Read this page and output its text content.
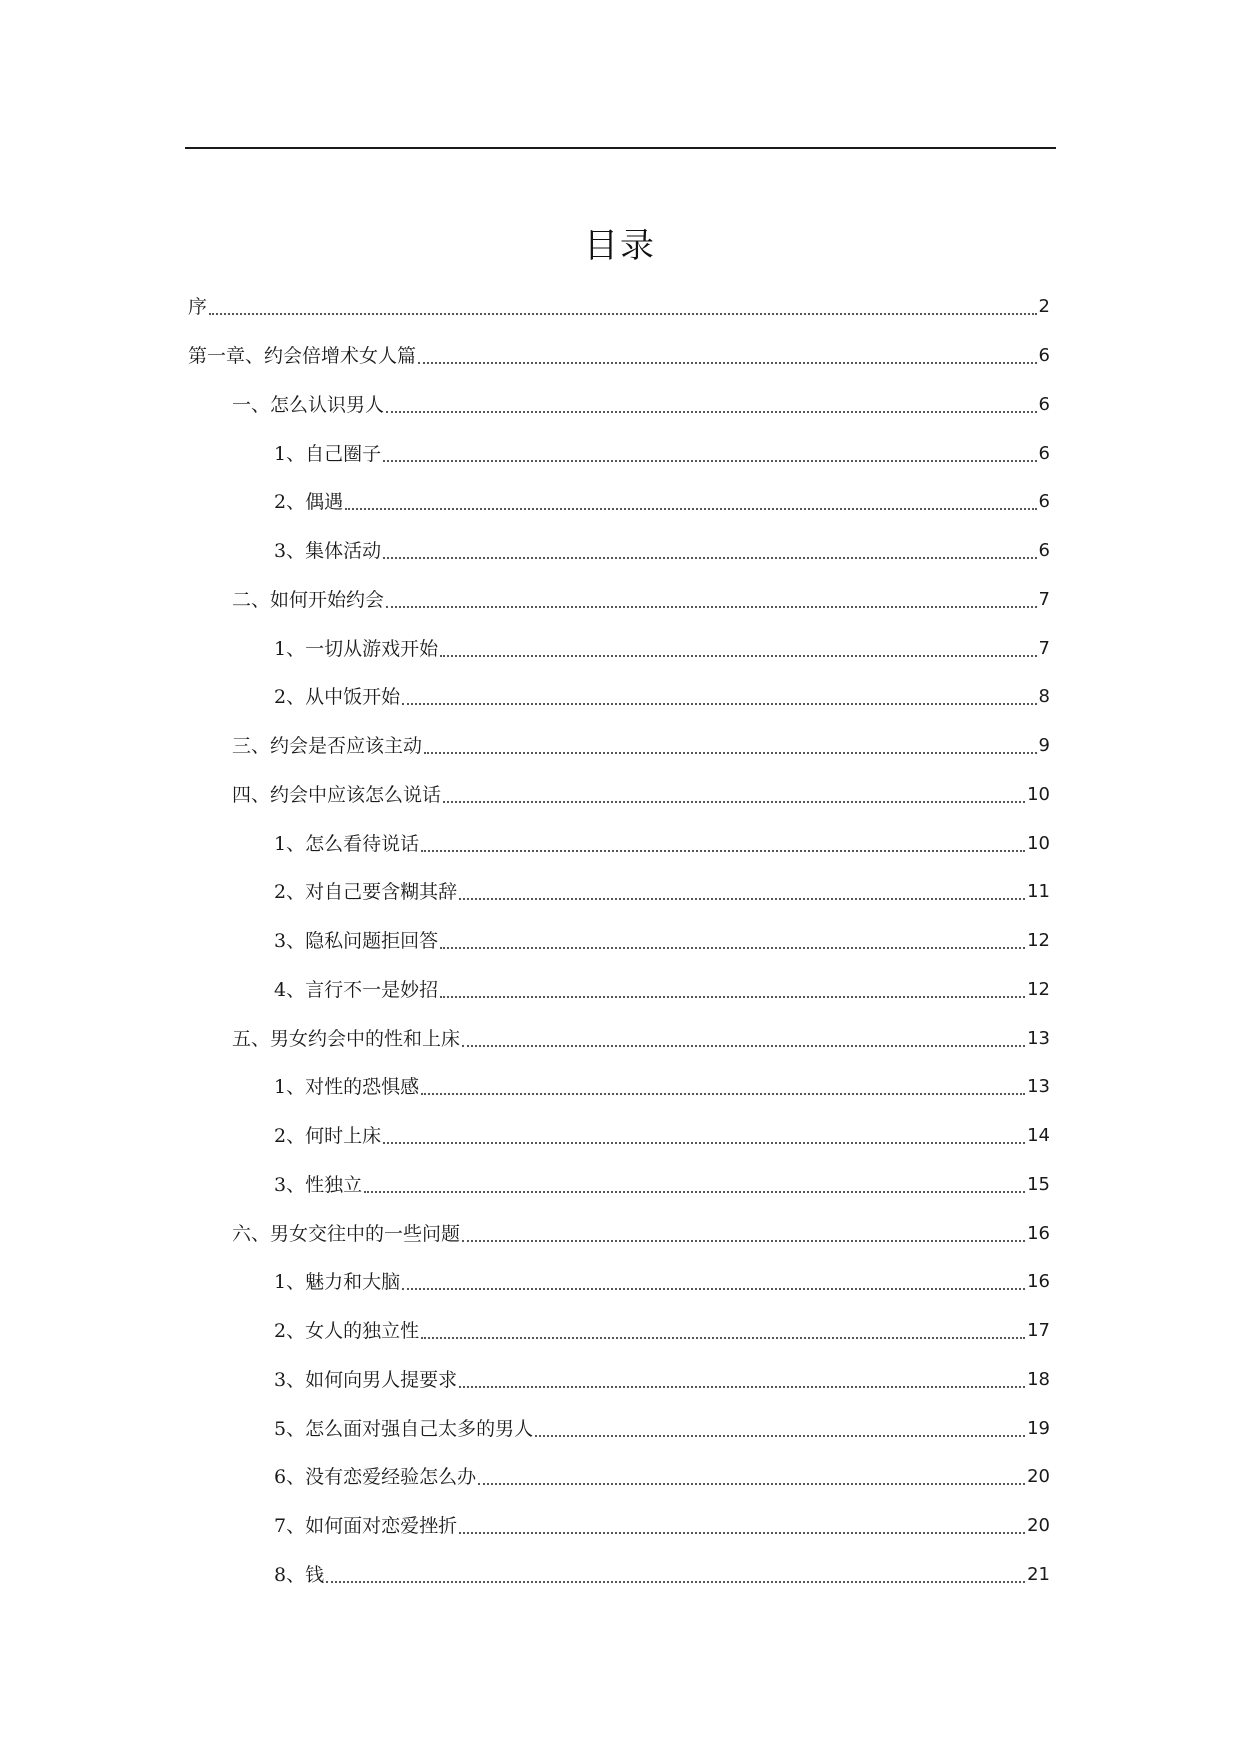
目录
序	2
第一章、约会倍增术女人篇	6
一、怎么认识男人	6
1、自己圈子	6
2、偶遇	6
3、集体活动	6
二、如何开始约会	7
1、一切从游戏开始	7
2、从中饭开始	8
三、约会是否应该主动	9
四、约会中应该怎么说话	10
1、怎么看待说话	10
2、对自己要含糊其辞	11
3、隐私问题拒回答	12
4、言行不一是妙招	12
五、男女约会中的性和上床	13
1、对性的恐惧感	13
2、何时上床	14
3、性独立	15
六、男女交往中的一些问题	16
1、魅力和大脑	16
2、女人的独立性	17
3、如何向男人提要求	18
5、怎么面对强自己太多的男人	19
6、没有恋爱经验怎么办	20
7、如何面对恋爱挫折	20
8、钱	21
